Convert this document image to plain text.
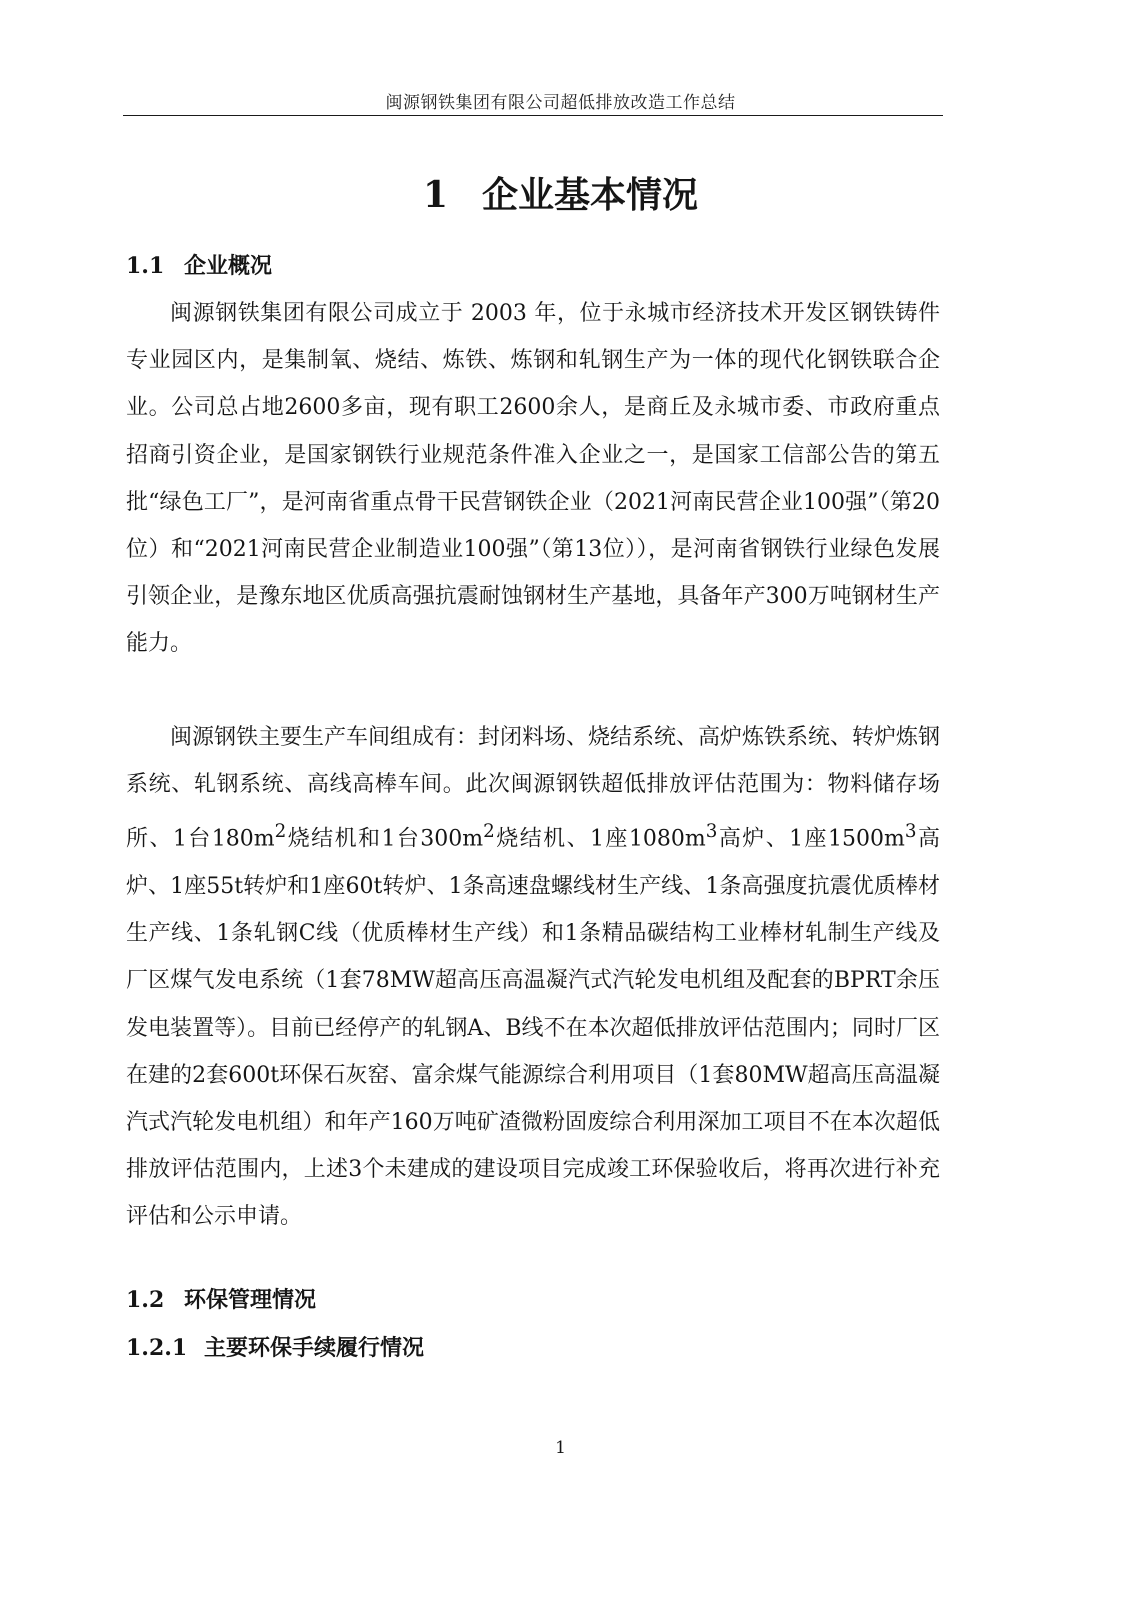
闽源钢铁集团有限公司超低排放改造工作总结
1 企业基本情况
1.1 企业概况

闽源钢铁集团有限公司成立于 2003 年，位于永城市经济技术开发区钢铁铸件专业园区内，是集制氧、烧结、炼铁、炼钢和轧钢生产为一体的现代化钢铁联合企业。公司总占地2600多亩，现有职工2600余人，是商丘及永城市委、市政府重点招商引资企业，是国家钢铁行业规范条件准入企业之一，是国家工信部公告的第五批“绿色工厂”，是河南省重点骨干民营钢铁企业（2021河南民营企业100强”（第20位）和“2021河南民营企业制造业100强”（第13位）），是河南省钢铁行业绿色发展引领企业，是豫东地区优质高强抗震耐蚀钢材生产基地，具备年产300万吨钢材生产能力。

闽源钢铁主要生产车间组成有：封闭料场、烧结系统、高炉炼铁系统、转炉炼钢系统、轧钢系统、高线高棒车间。此次闽源钢铁超低排放评估范围为：物料储存场所、1台$180m^2$烧结机和1台$300m^2$烧结机、1座$1080m^3$高炉、1座$1500m^3$高炉、1座55t转炉和1座60t转炉、1条高速盘螺线材生产线、1条高强度抗震优质棒材生产线、1条轧钢C线（优质棒材生产线）和1条精品碳结构工业棒材轧制生产线及厂区煤气发电系统（1套78MW超高压高温凝汽式汽轮发电机组及配套的BPRT余压发电装置等）。目前已经停产的轧钢A、B线不在本次超低排放评估范围内；同时厂区在建的2套600t环保石灰窑、富余煤气能源综合利用项目（1套80MW超高压高温凝汽式汽轮发电机组）和年产160万吨矿渣微粉固废综合利用深加工项目不在本次超低排放评估范围内，上述3个未建成的建设项目完成竣工环保验收后，将再次进行补充评估和公示申请。

1.2 环保管理情况
1.2.1 主要环保手续履行情况
1
